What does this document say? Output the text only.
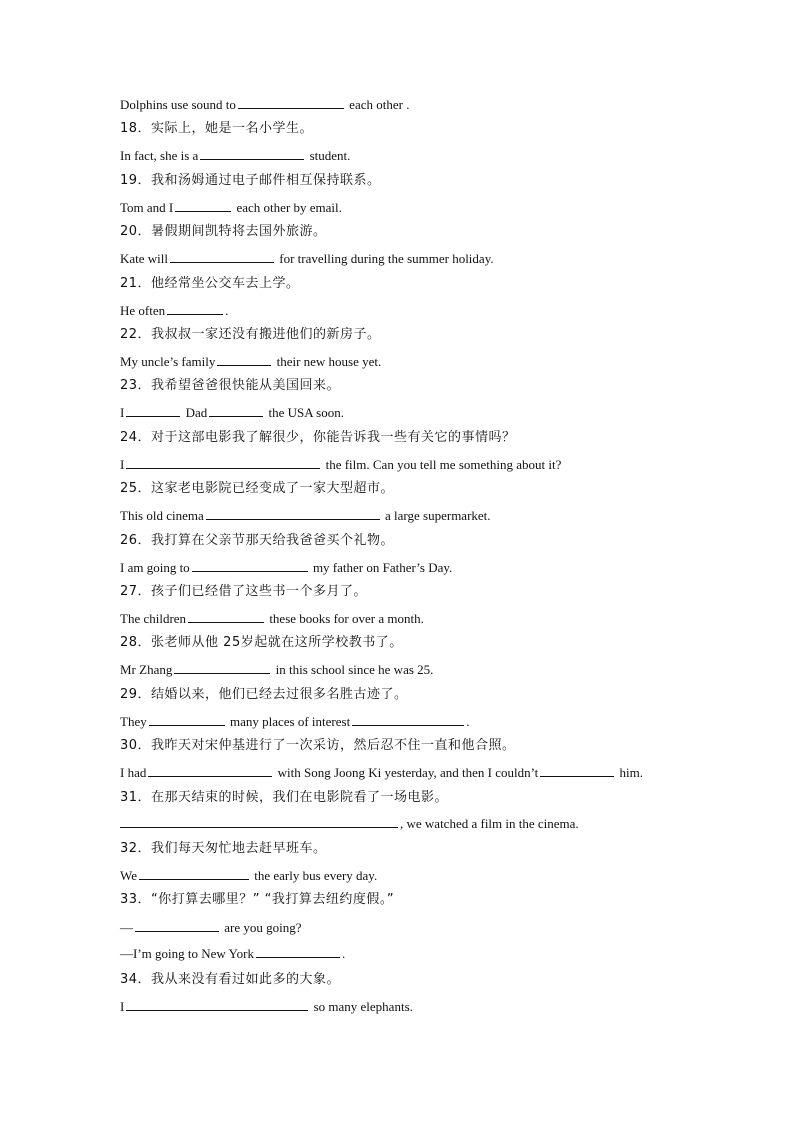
Dolphins use sound to	each other .
18．实际上，她是一名小学生。
In fact, she is a	student.
19．我和汤姆通过电子邮件相互保持联系。
Tom and I	each other by email.
20．暑假期间凯特将去国外旅游。
Kate will	for travelling during the summer holiday.
21．他经常坐公交车去上学。
He often	.
22．我叔叔一家还没有搬进他们的新房子。
My uncle’s family	their new house yet.
23．我希望爸爸很快能从美国回来。
I	Dad	the USA soon.
24．对于这部电影我了解很少，你能告诉我一些有关它的事情吗？
I	the film. Can you tell me something about it?
25．这家老电影院已经变成了一家大型超市。
This old cinema	a large supermarket.
26．我打算在父亲节那天给我爸爸买个礼物。
I am going to	my father on Father’s Day.
27．孩子们已经借了这些书一个多月了。
The children	these books for over a month.
28．张老师从他 25岁起就在这所学校教书了。
Mr Zhang	in this school since he was 25.
29．结婚以来，他们已经去过很多名胜古迹了。
They	many places of interest	.
30．我昨天对宋仲基进行了一次采访，然后忍不住一直和他合照。
I had	with Song Joong Ki yesterday, and then I couldn’t	him.
31．在那天结束的时候，我们在电影院看了一场电影。
, we watched a film in the cinema.
32．我们每天匆忙地去赶早班车。
We	the early bus every day.
33．“你打算去哪里？” “我打算去纽约度假。”
—	are you going?
—I’m going to New York	.
34．我从来没有看过如此多的大象。
I	so many elephants.
